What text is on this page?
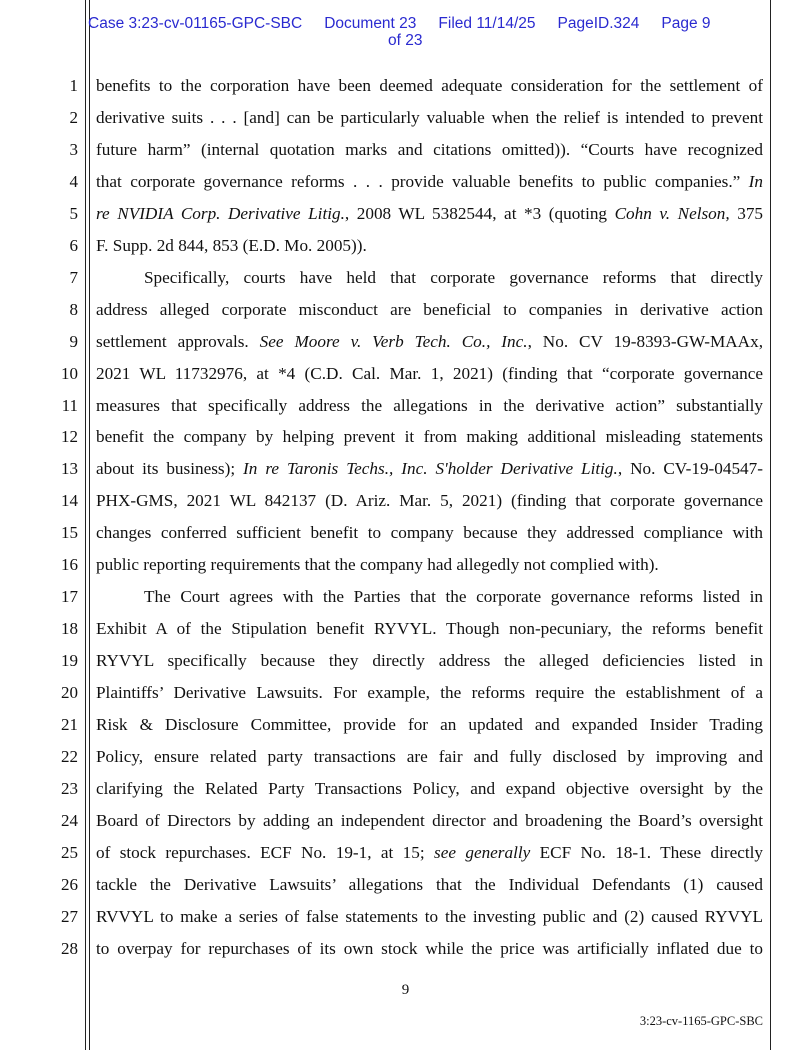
Case 3:23-cv-01165-GPC-SBC Document 23 Filed 11/14/25 PageID.324 Page 9
of 23
1 benefits to the corporation have been deemed adequate consideration for the settlement of
2 derivative suits . . . [and] can be particularly valuable when the relief is intended to prevent
3 future harm” (internal quotation marks and citations omitted)). “Courts have recognized
4 that corporate governance reforms . . . provide valuable benefits to public companies.” In
5 re NVIDIA Corp. Derivative Litig., 2008 WL 5382544, at *3 (quoting Cohn v. Nelson, 375
6 F. Supp. 2d 844, 853 (E.D. Mo. 2005)).
7	Specifically, courts have held that corporate governance reforms that directly
8 address alleged corporate misconduct are beneficial to companies in derivative action
9 settlement approvals. See Moore v. Verb Tech. Co., Inc., No. CV 19-8393-GW-MAAx,
10 2021 WL 11732976, at *4 (C.D. Cal. Mar. 1, 2021) (finding that “corporate governance
11 measures that specifically address the allegations in the derivative action” substantially
12 benefit the company by helping prevent it from making additional misleading statements
13 about its business); In re Taronis Techs., Inc. S'holder Derivative Litig., No. CV-19-04547-
14 PHX-GMS, 2021 WL 842137 (D. Ariz. Mar. 5, 2021) (finding that corporate governance
15 changes conferred sufficient benefit to company because they addressed compliance with
16 public reporting requirements that the company had allegedly not complied with).
17	The Court agrees with the Parties that the corporate governance reforms listed in
18 Exhibit A of the Stipulation benefit RYVYL. Though non-pecuniary, the reforms benefit
19 RYVYL specifically because they directly address the alleged deficiencies listed in
20 Plaintiffs’ Derivative Lawsuits. For example, the reforms require the establishment of a
21 Risk & Disclosure Committee, provide for an updated and expanded Insider Trading
22 Policy, ensure related party transactions are fair and fully disclosed by improving and
23 clarifying the Related Party Transactions Policy, and expand objective oversight by the
24 Board of Directors by adding an independent director and broadening the Board’s oversight
25 of stock repurchases. ECF No. 19-1, at 15; see generally ECF No. 18-1. These directly
26 tackle the Derivative Lawsuits’ allegations that the Individual Defendants (1) caused
27 RVVYL to make a series of false statements to the investing public and (2) caused RYVYL
28 to overpay for repurchases of its own stock while the price was artificially inflated due to
9
3:23-cv-1165-GPC-SBC
